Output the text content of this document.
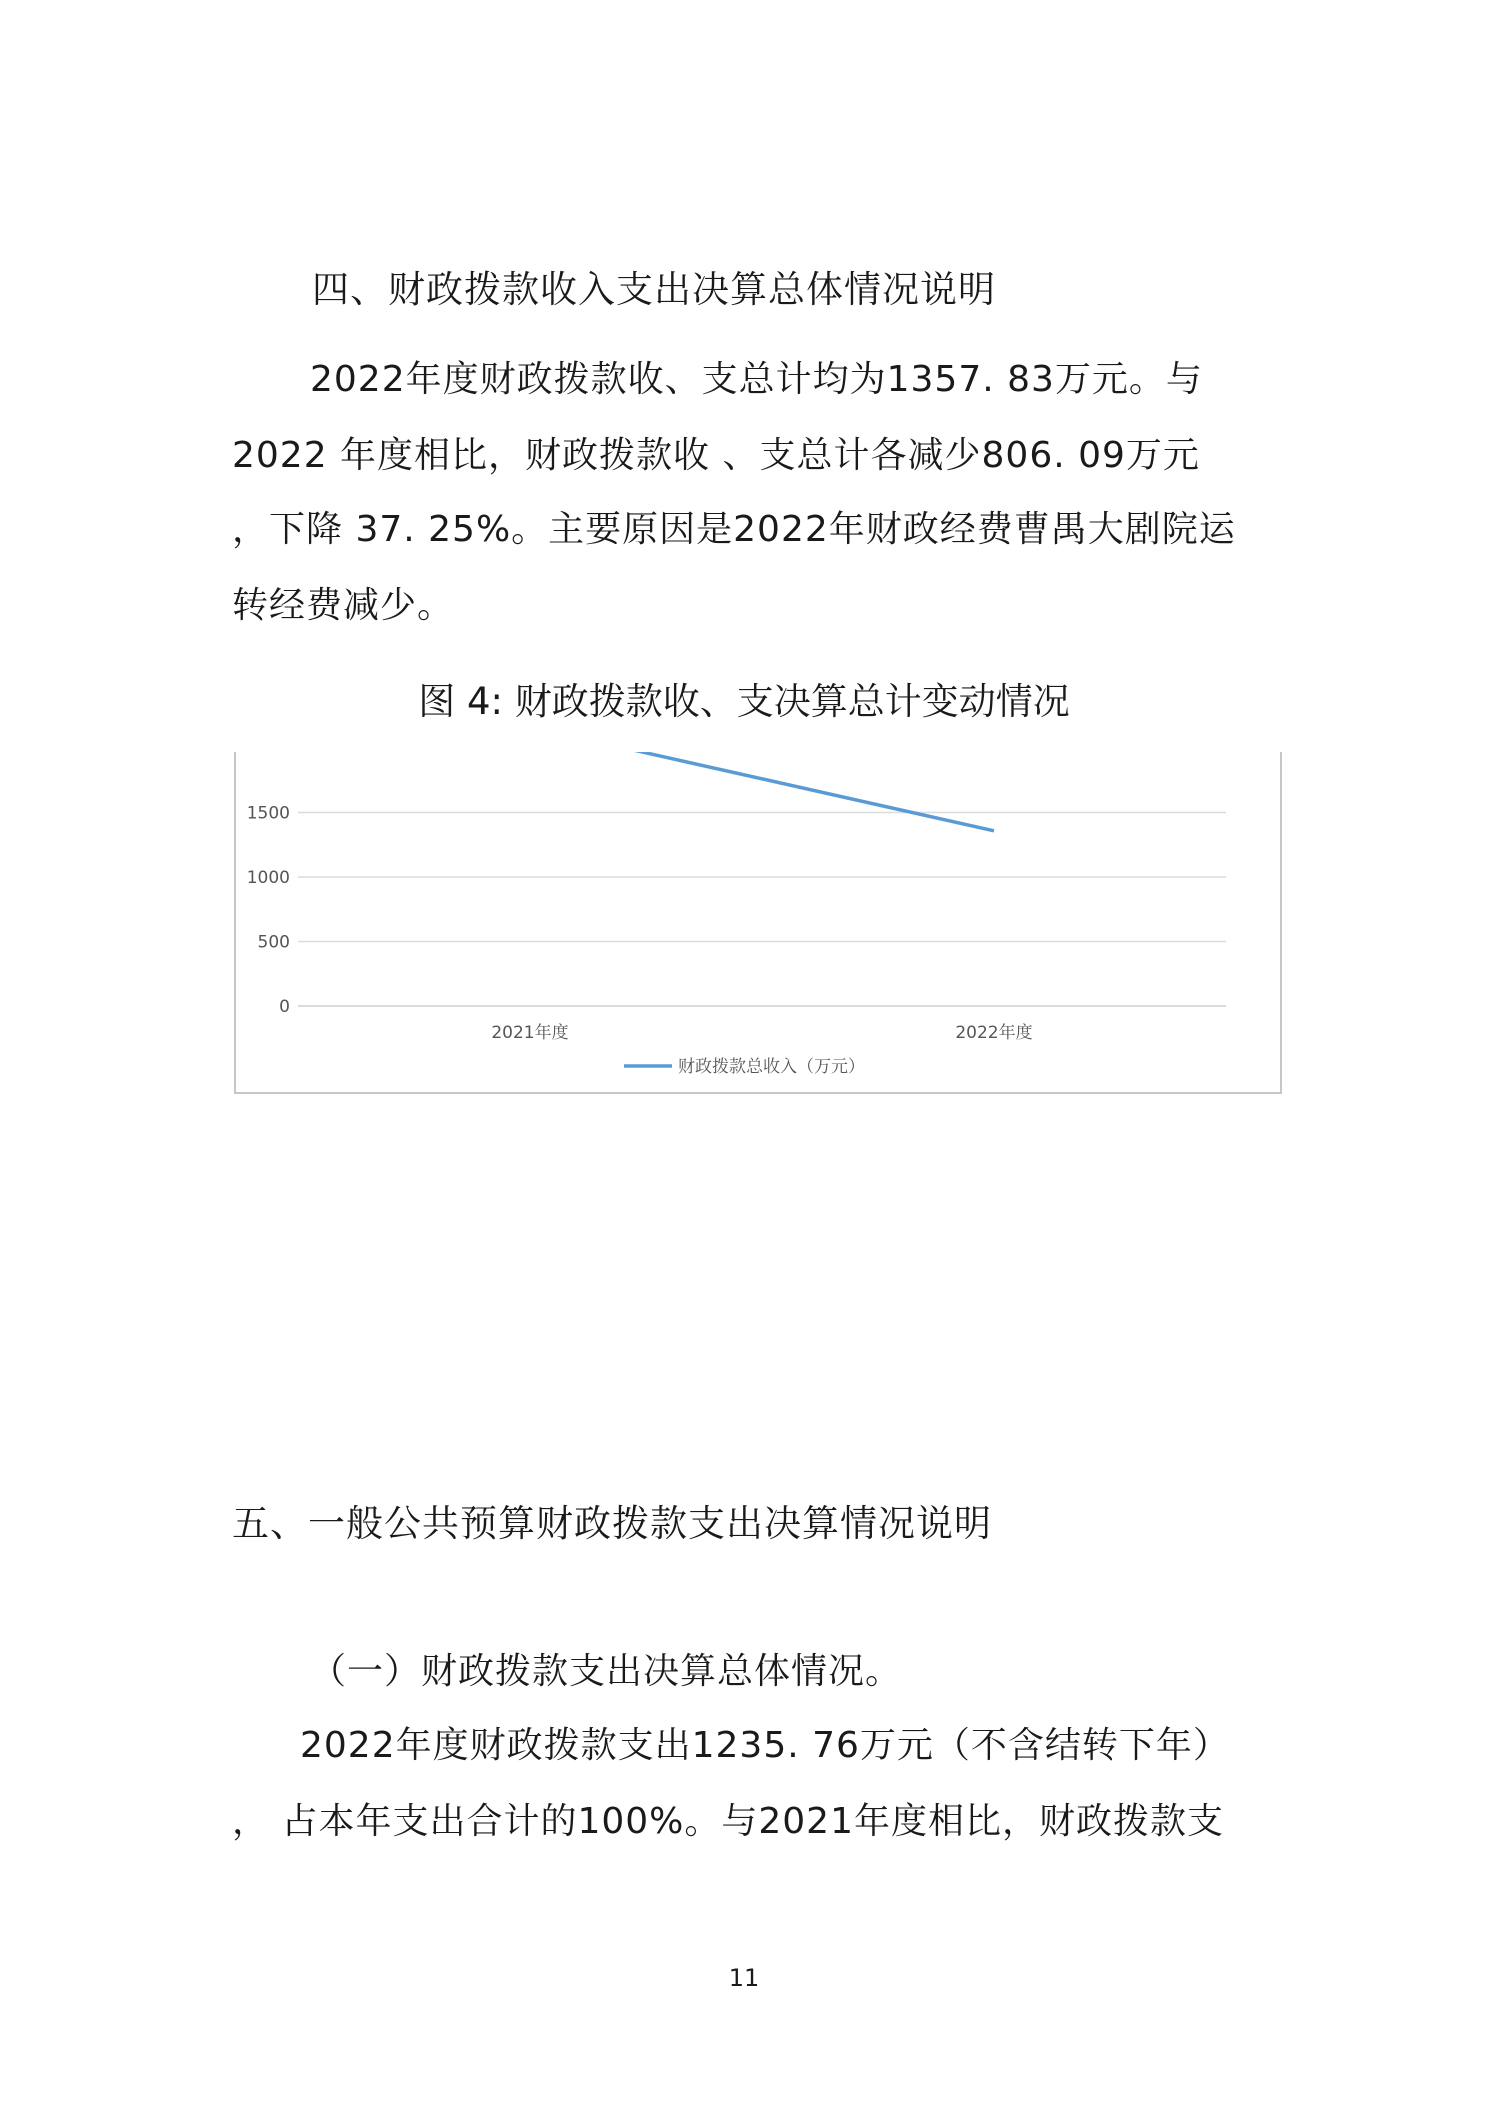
四、财政拨款收入支出决算总体情况说明
2022年度财政拨款收、支总计均为1357. 83万元。与
2022 年度相比，财政拨款收 、支总计各减少806. 09万元
，下降 37. 25%。主要原因是2022年财政经费曹禺大剧院运
转经费减少。
图 4: 财政拨款收、支决算总计变动情况
0
500
1000
1500
2021年度	2022年度
财政拨款总收入（万元）
五、一般公共预算财政拨款支出决算情况说明
（一）财政拨款支出决算总体情况。
2022年度财政拨款支出1235. 76万元（不含结转下年）
， 占本年支出合计的100%。与2021年度相比，财政拨款支
11
